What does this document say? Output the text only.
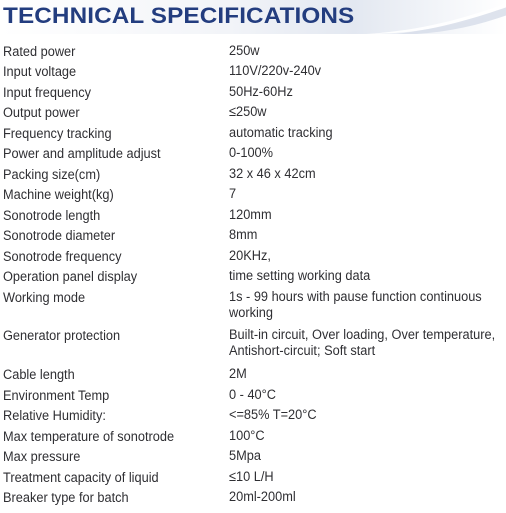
TECHNICAL SPECIFICATIONS
Rated power	250w
Input voltage	110V/220v-240v
Input frequency	50Hz-60Hz
Output power	≤250w
Frequency tracking	automatic tracking
Power and amplitude adjust	0-100%
Packing size(cm)	32 x 46 x 42cm
Machine weight(kg)	7
Sonotrode length	120mm
Sonotrode diameter	8mm
Sonotrode frequency	20KHz,
Operation panel display	time setting working data
Working mode	1s - 99 hours with pause function continuous working
Generator protection	Built-in circuit, Over loading, Over temperature, Antishort-circuit; Soft start
Cable length	2M
Environment Temp	0 - 40°C
Relative Humidity:	<=85% T=20°C
Max temperature of sonotrode	100°C
Max pressure	5Mpa
Treatment capacity of liquid	≤10 L/H
Breaker type for batch	20ml-200ml
